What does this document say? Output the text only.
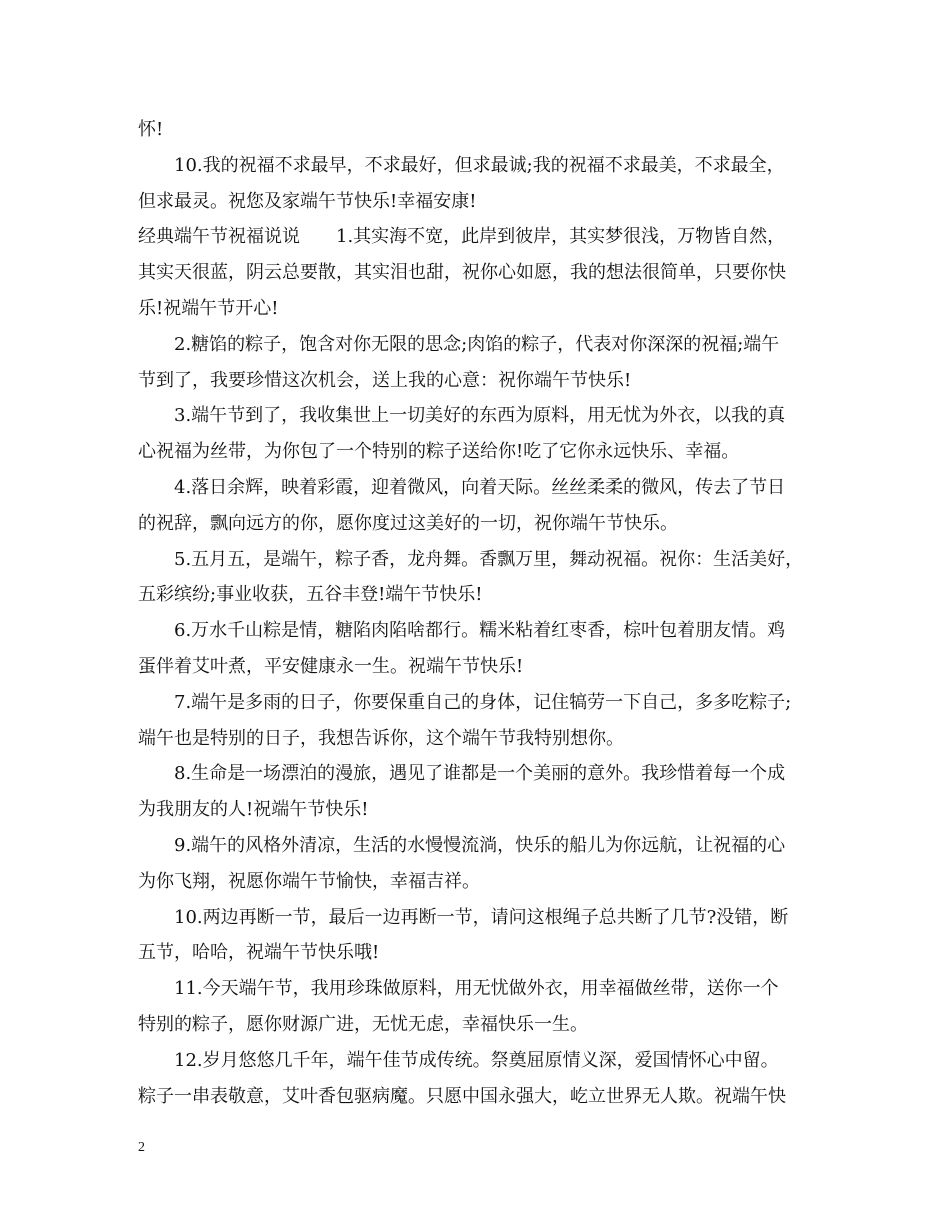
怀!
　　10.我的祝福不求最早，不求最好，但求最诚;我的祝福不求最美，不求最全，
但求最灵。祝您及家端午节快乐!幸福安康!
经典端午节祝福说说　　1.其实海不宽，此岸到彼岸，其实梦很浅，万物皆自然，
其实天很蓝，阴云总要散，其实泪也甜，祝你心如愿，我的想法很简单，只要你快
乐!祝端午节开心!
　　2.糖馅的粽子，饱含对你无限的思念;肉馅的粽子，代表对你深深的祝福;端午
节到了，我要珍惜这次机会，送上我的心意：祝你端午节快乐!
　　3.端午节到了，我收集世上一切美好的东西为原料，用无忧为外衣，以我的真
心祝福为丝带，为你包了一个特别的粽子送给你!吃了它你永远快乐、幸福。
　　4.落日余辉，映着彩霞，迎着微风，向着天际。丝丝柔柔的微风，传去了节日
的祝辞，飘向远方的你，愿你度过这美好的一切，祝你端午节快乐。
　　5.五月五，是端午，粽子香，龙舟舞。香飘万里，舞动祝福。祝你：生活美好，
五彩缤纷;事业收获，五谷丰登!端午节快乐!
　　6.万水千山粽是情，糖陷肉陷啥都行。糯米粘着红枣香，棕叶包着朋友情。鸡
蛋伴着艾叶煮，平安健康永一生。祝端午节快乐!
　　7.端午是多雨的日子，你要保重自己的身体，记住犒劳一下自己，多多吃粽子;
端午也是特别的日子，我想告诉你，这个端午节我特别想你。
　　8.生命是一场漂泊的漫旅，遇见了谁都是一个美丽的意外。我珍惜着每一个成
为我朋友的人!祝端午节快乐!
　　9.端午的风格外清凉，生活的水慢慢流淌，快乐的船儿为你远航，让祝福的心
为你飞翔，祝愿你端午节愉快，幸福吉祥。
　　10.两边再断一节，最后一边再断一节，请问这根绳子总共断了几节?没错，断
五节，哈哈，祝端午节快乐哦!
　　11.今天端午节，我用珍珠做原料，用无忧做外衣，用幸福做丝带，送你一个
特别的粽子，愿你财源广进，无忧无虑，幸福快乐一生。
　　12.岁月悠悠几千年，端午佳节成传统。祭奠屈原情义深，爱国情怀心中留。
粽子一串表敬意，艾叶香包驱病魔。只愿中国永强大，屹立世界无人欺。祝端午快
2
